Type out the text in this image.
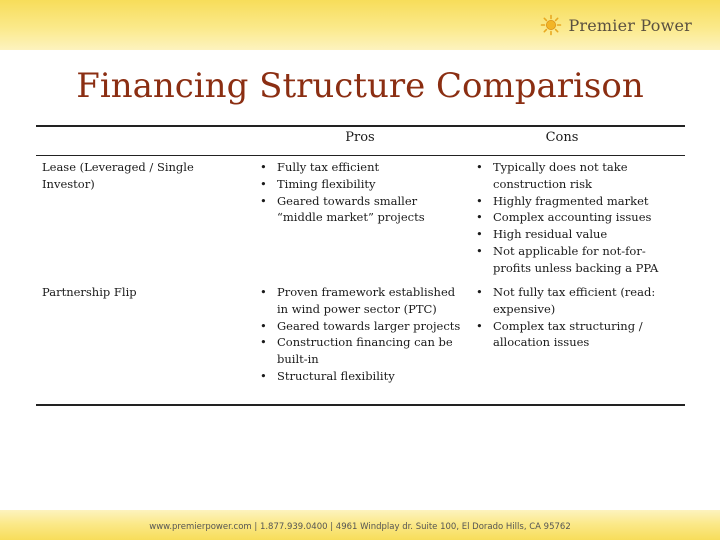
Premier Power
Financing Structure Comparison
Pros	Cons
Lease (Leveraged / Single Investor)
• Fully tax efficient
• Timing flexibility
• Geared towards smaller “middle market” projects
• Typically does not take construction risk
• Highly fragmented market
• Complex accounting issues
• High residual value
• Not applicable for not-for-profits unless backing a PPA
Partnership Flip
•	Proven framework established in wind power sector (PTC)
• Geared towards larger projects
• Construction financing can be built-in
• Structural flexibility
• Not fully tax efficient (read: expensive)
• Complex tax structuring / allocation issues
www.premierpower.com | 1.877.939.0400 | 4961 Windplay dr. Suite 100, El Dorado Hills, CA 95762
